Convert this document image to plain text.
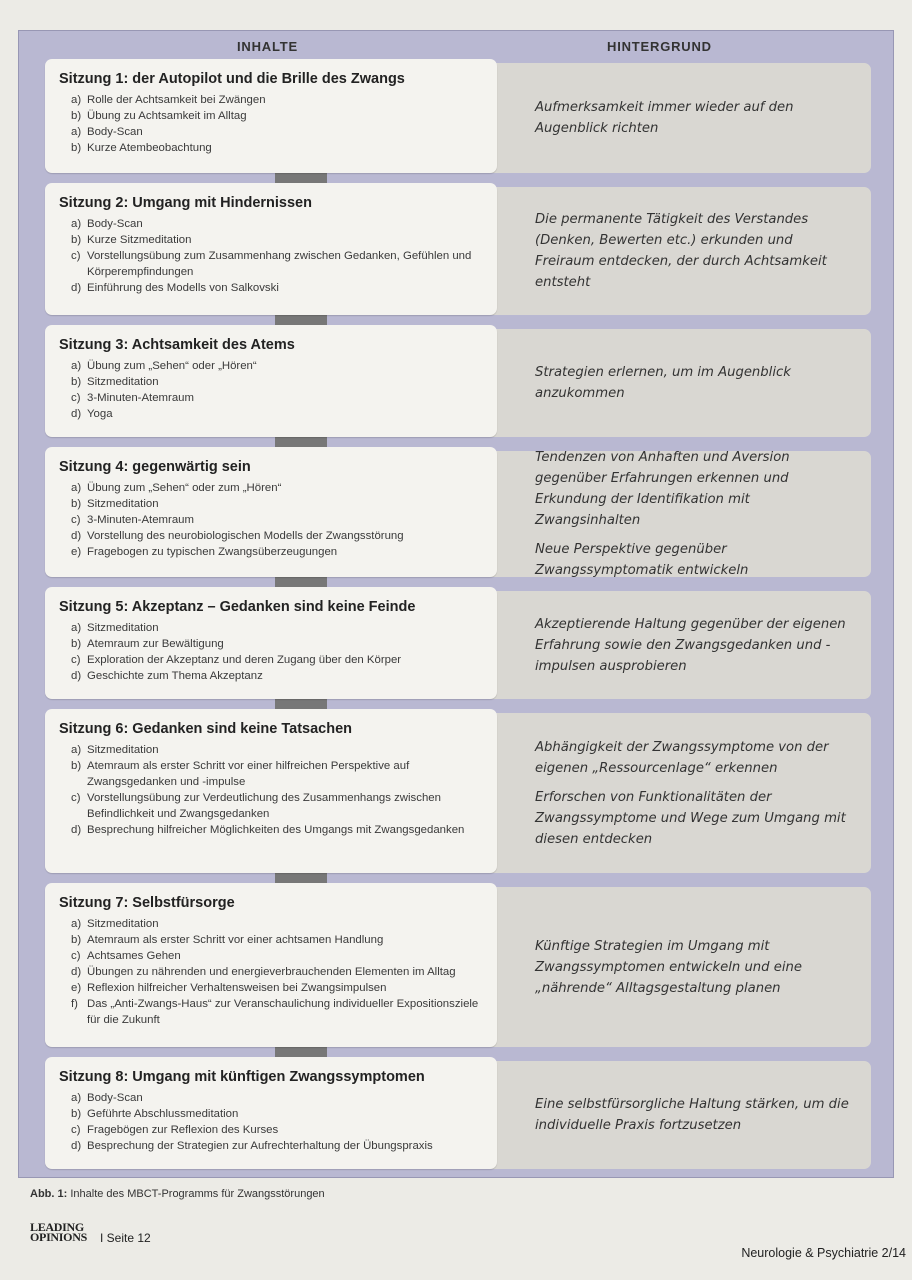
INHALTE	HINTERGRUND
Aufmerksamkeit immer wieder auf den Augenblick richten
Sitzung 1: der Autopilot und die Brille des Zwangs
a) Rolle der Achtsamkeit bei Zwängen
b) Übung zu Achtsamkeit im Alltag
a) Body-Scan
b) Kurze Atembeobachtung
Die permanente Tätigkeit des Verstandes (Denken, Bewerten etc.) erkunden und Freiraum entdecken, der durch Achtsamkeit entsteht
Sitzung 2: Umgang mit Hindernissen
a) Body-Scan
b) Kurze Sitzmeditation
c) Vorstellungsübung zum Zusammenhang zwischen Gedanken, Gefühlen und Körperempfindungen
d) Einführung des Modells von Salkovski
Strategien erlernen, um im Augenblick anzukommen
Sitzung 3: Achtsamkeit des Atems
a) Übung zum „Sehen“ oder „Hören“
b) Sitzmeditation
c) 3-Minuten-Atemraum
d) Yoga
Tendenzen von Anhaften und Aversion gegenüber Erfahrungen erkennen und Erkundung der Identifikation mit Zwangsinhalten
Neue Perspektive gegenüber Zwangssymptomatik entwickeln
Sitzung 4: gegenwärtig sein
a) Übung zum „Sehen“ oder zum „Hören“
b) Sitzmeditation
c) 3-Minuten-Atemraum
d) Vorstellung des neurobiologischen Modells der Zwangsstörung
e) Fragebogen zu typischen Zwangsüberzeugungen
Akzeptierende Haltung gegenüber der eigenen Erfahrung sowie den Zwangsgedanken und -impulsen ausprobieren
Sitzung 5: Akzeptanz – Gedanken sind keine Feinde
a) Sitzmeditation
b) Atemraum zur Bewältigung
c) Exploration der Akzeptanz und deren Zugang über den Körper
d) Geschichte zum Thema Akzeptanz
Abhängigkeit der Zwangssymptome von der eigenen „Ressourcenlage“ erkennen
Erforschen von Funktionalitäten der Zwangssymptome und Wege zum Umgang mit diesen entdecken
Sitzung 6: Gedanken sind keine Tatsachen
a) Sitzmeditation
b) Atemraum als erster Schritt vor einer hilfreichen Perspektive auf Zwangsgedanken und -impulse
c) Vorstellungsübung zur Verdeutlichung des Zusammenhangs zwischen Befindlichkeit und Zwangsgedanken
d) Besprechung hilfreicher Möglichkeiten des Umgangs mit Zwangsgedanken
Künftige Strategien im Umgang mit Zwangssymptomen entwickeln und eine „nährende“ Alltagsgestaltung planen
Sitzung 7: Selbstfürsorge
a) Sitzmeditation
b) Atemraum als erster Schritt vor einer achtsamen Handlung
c) Achtsames Gehen
d) Übungen zu nährenden und energieverbrauchenden Elementen im Alltag
e) Reflexion hilfreicher Verhaltensweisen bei Zwangsimpulsen
f) Das „Anti-Zwangs-Haus“ zur Veranschaulichung individueller Expositionsziele für die Zukunft
Eine selbstfürsorgliche Haltung stärken, um die individuelle Praxis fortzusetzen
Sitzung 8: Umgang mit künftigen Zwangssymptomen
a) Body-Scan
b) Geführte Abschlussmeditation
c) Fragebögen zur Reflexion des Kurses
d) Besprechung der Strategien zur Aufrechterhaltung der Übungspraxis
Abb. 1: Inhalte des MBCT-Programms für Zwangsstörungen
LEADING
OPINIONS I Seite 12
Neurologie & Psychiatrie 2/14
